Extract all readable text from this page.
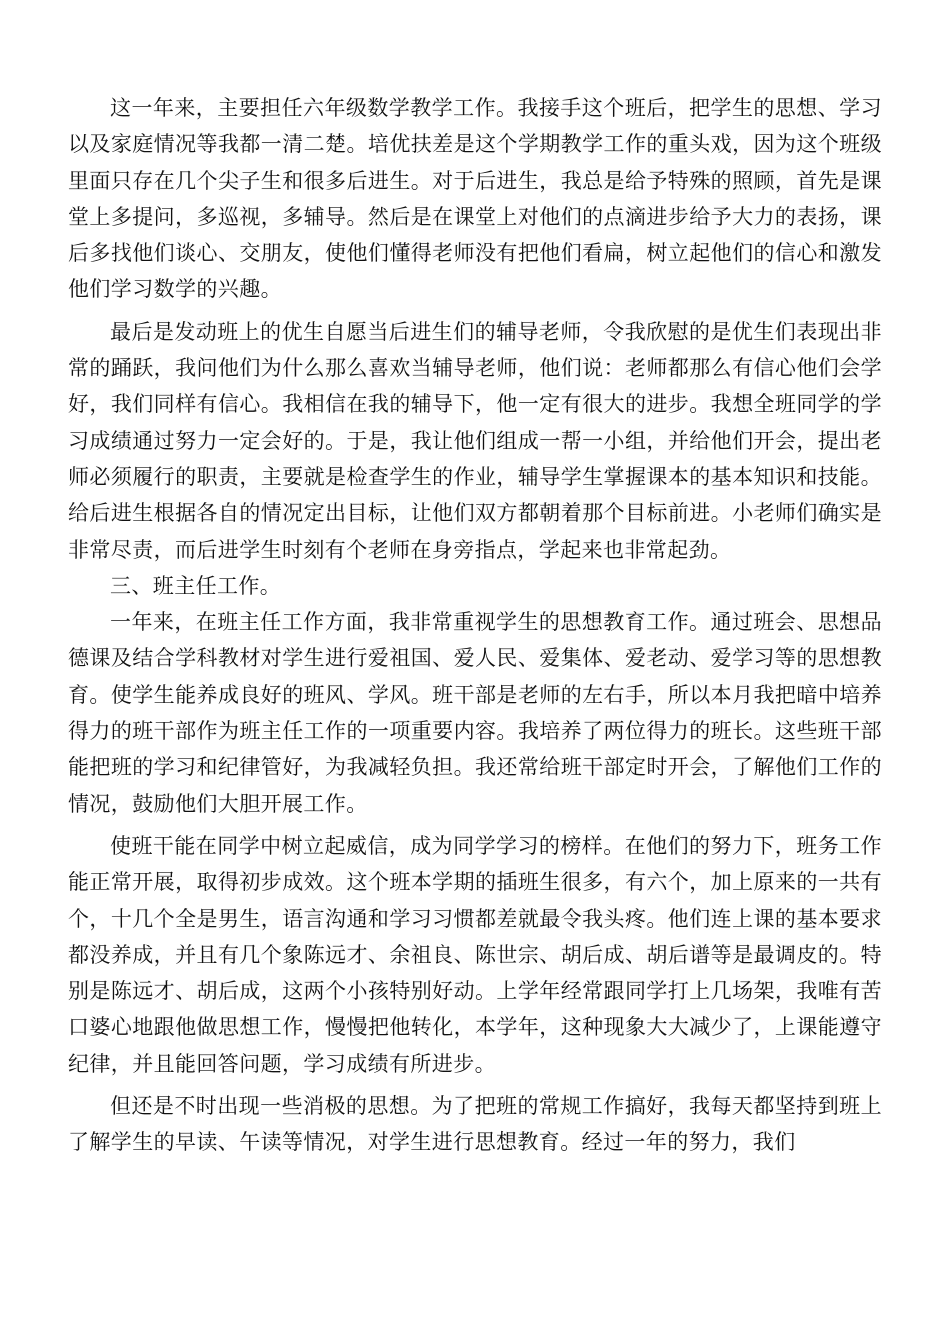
这一年来，主要担任六年级数学教学工作。我接手这个班后，把学生的思想、学习以及家庭情况等我都一清二楚。培优扶差是这个学期教学工作的重头戏，因为这个班级里面只存在几个尖子生和很多后进生。对于后进生，我总是给予特殊的照顾，首先是课堂上多提问，多巡视，多辅导。然后是在课堂上对他们的点滴进步给予大力的表扬，课后多找他们谈心、交朋友，使他们懂得老师没有把他们看扁，树立起他们的信心和激发他们学习数学的兴趣。

最后是发动班上的优生自愿当后进生们的辅导老师，令我欣慰的是优生们表现出非常的踊跃，我问他们为什么那么喜欢当辅导老师，他们说：老师都那么有信心他们会学好，我们同样有信心。我相信在我的辅导下，他一定有很大的进步。我想全班同学的学习成绩通过努力一定会好的。于是，我让他们组成一帮一小组，并给他们开会，提出老师必须履行的职责，主要就是检查学生的作业，辅导学生掌握课本的基本知识和技能。给后进生根据各自的情况定出目标，让他们双方都朝着那个目标前进。小老师们确实是非常尽责，而后进学生时刻有个老师在身旁指点，学起来也非常起劲。

三、班主任工作。

一年来，在班主任工作方面，我非常重视学生的思想教育工作。通过班会、思想品德课及结合学科教材对学生进行爱祖国、爱人民、爱集体、爱老动、爱学习等的思想教育。使学生能养成良好的班风、学风。班干部是老师的左右手，所以本月我把暗中培养得力的班干部作为班主任工作的一项重要内容。我培养了两位得力的班长。这些班干部能把班的学习和纪律管好，为我减轻负担。我还常给班干部定时开会，了解他们工作的情况，鼓励他们大胆开展工作。

使班干能在同学中树立起威信，成为同学学习的榜样。在他们的努力下，班务工作能正常开展，取得初步成效。这个班本学期的插班生很多，有六个，加上原来的一共有个，十几个全是男生，语言沟通和学习习惯都差就最令我头疼。他们连上课的基本要求都没养成，并且有几个象陈远才、余祖良、陈世宗、胡后成、胡后谱等是最调皮的。特别是陈远才、胡后成，这两个小孩特别好动。上学年经常跟同学打上几场架，我唯有苦口婆心地跟他做思想工作，慢慢把他转化，本学年，这种现象大大减少了，上课能遵守纪律，并且能回答问题，学习成绩有所进步。

但还是不时出现一些消极的思想。为了把班的常规工作搞好，我每天都坚持到班上了解学生的早读、午读等情况，对学生进行思想教育。经过一年的努力，我们
